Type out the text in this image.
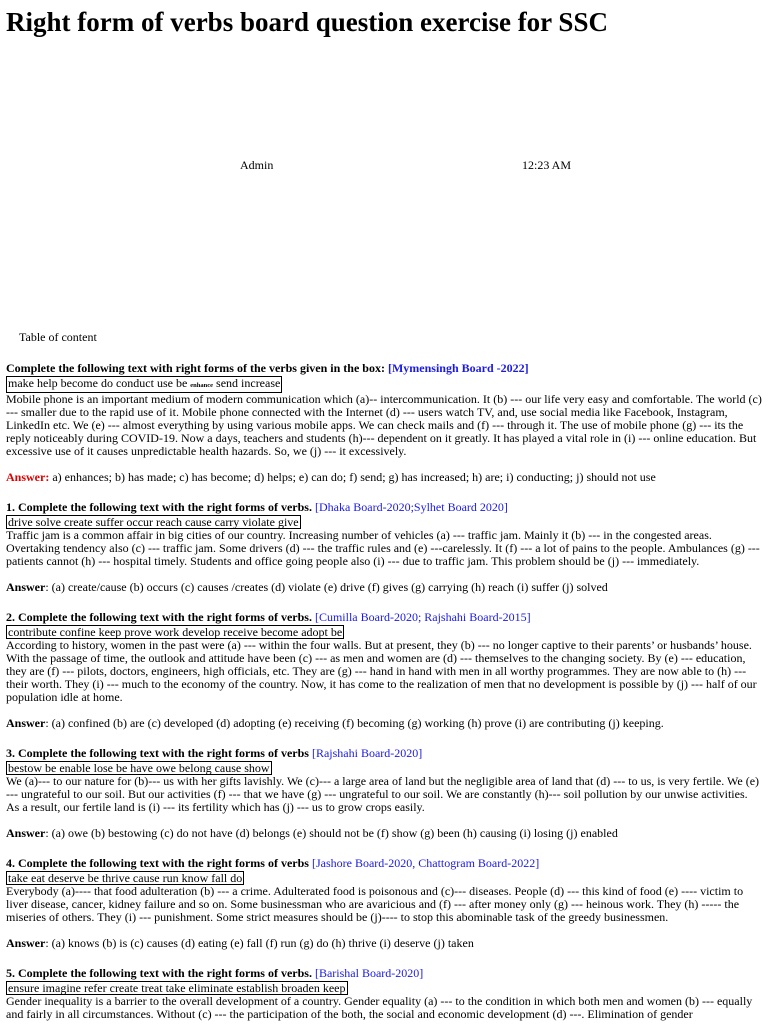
Right form of verbs board question exercise for SSC
Admin	12:23 AM
Table of content
Complete the following text with right forms of the verbs given in the box: [Mymensingh Board -2022]
make help become do conduct use be enhance send increase

Mobile phone is an important medium of modern communication which (a)-- intercommunication. It (b) --- our life very easy and comfortable. The world (c) --- smaller due to the rapid use of it. Mobile phone connected with the Internet (d) --- users watch TV, and, use social media like Facebook, Instagram, LinkedIn etc. We (e) --- almost everything by using various mobile apps. We can check mails and (f) --- through it. The use of mobile phone (g) --- its the reply noticeably during COVID-19. Now a days, teachers and students (h)--- dependent on it greatly. It has played a vital role in (i) --- online education. But excessive use of it causes unpredictable health hazards. So, we (j) --- it excessively.

Answer: a) enhances; b) has made; c) has become; d) helps; e) can do; f) send; g) has increased; h) are; i) conducting; j) should not use

1. Complete the following text with the right forms of verbs. [Dhaka Board-2020;Sylhet Board 2020]
drive solve create suffer occur reach cause carry violate give

Traffic jam is a common affair in big cities of our country. Increasing number of vehicles (a) --- traffic jam. Mainly it (b) --- in the congested areas. Overtaking tendency also (c) --- traffic jam. Some drivers (d) --- the traffic rules and (e) ---carelessly. It (f) --- a lot of pains to the people. Ambulances (g) ---patients cannot (h) --- hospital timely. Students and office going people also (i) --- due to traffic jam. This problem should be (j) --- immediately.

Answer: (a) create/cause (b) occurs (c) causes /creates (d) violate (e) drive (f) gives (g) carrying (h) reach (i) suffer (j) solved

2. Complete the following text with the right forms of verbs. [Cumilla Board-2020; Rajshahi Board-2015]
contribute confine keep prove work develop receive become adopt be

According to history, women in the past were (a) --- within the four walls. But at present, they (b) --- no longer captive to their parents’ or husbands’ house. With the passage of time, the outlook and attitude have been (c) --- as men and women are (d) --- themselves to the changing society. By (e) --- education, they are (f) --- pilots, doctors, engineers, high officials, etc. They are (g) --- hand in hand with men in all worthy programmes. They are now able to (h) --- their worth. They (i) --- much to the economy of the country. Now, it has come to the realization of men that no development is possible by (j) --- half of our population idle at home.

Answer: (a) confined (b) are (c) developed (d) adopting (e) receiving (f) becoming (g) working (h) prove (i) are contributing (j) keeping.

3. Complete the following text with the right forms of verbs [Rajshahi Board-2020]
bestow be enable lose be have owe belong cause show

We (a)--- to our nature for (b)--- us with her gifts lavishly. We (c)--- a large area of land but the negligible area of land that (d) --- to us, is very fertile. We (e) --- ungrateful to our soil. But our activities (f) --- that we have (g) --- ungrateful to our soil. We are constantly (h)--- soil pollution by our unwise activities. As a result, our fertile land is (i) --- its fertility which has (j) --- us to grow crops easily.

Answer: (a) owe (b) bestowing (c) do not have (d) belongs (e) should not be (f) show (g) been (h) causing (i) losing (j) enabled

4. Complete the following text with the right forms of verbs [Jashore Board-2020, Chattogram Board-2022]
take eat deserve be thrive cause run know fall do

Everybody (a)---- that food adulteration (b) --- a crime. Adulterated food is poisonous and (c)--- diseases. People (d) --- this kind of food (e) ---- victim to liver disease, cancer, kidney failure and so on. Some businessman who are avaricious and (f) --- after money only (g) --- heinous work. They (h) ----- the miseries of others. They (i) --- punishment. Some strict measures should be (j)---- to stop this abominable task of the greedy businessmen.

Answer: (a) knows (b) is (c) causes (d) eating (e) fall (f) run (g) do (h) thrive (i) deserve (j) taken

5. Complete the following text with the right forms of verbs. [Barishal Board-2020]
ensure imagine refer create treat take eliminate establish broaden keep

Gender inequality is a barrier to the overall development of a country. Gender equality (a) --- to the condition in which both men and women (b) --- equally and fairly in all circumstances. Without (c) --- the participation of the both, the social and economic development (d) ---. Elimination of gender
